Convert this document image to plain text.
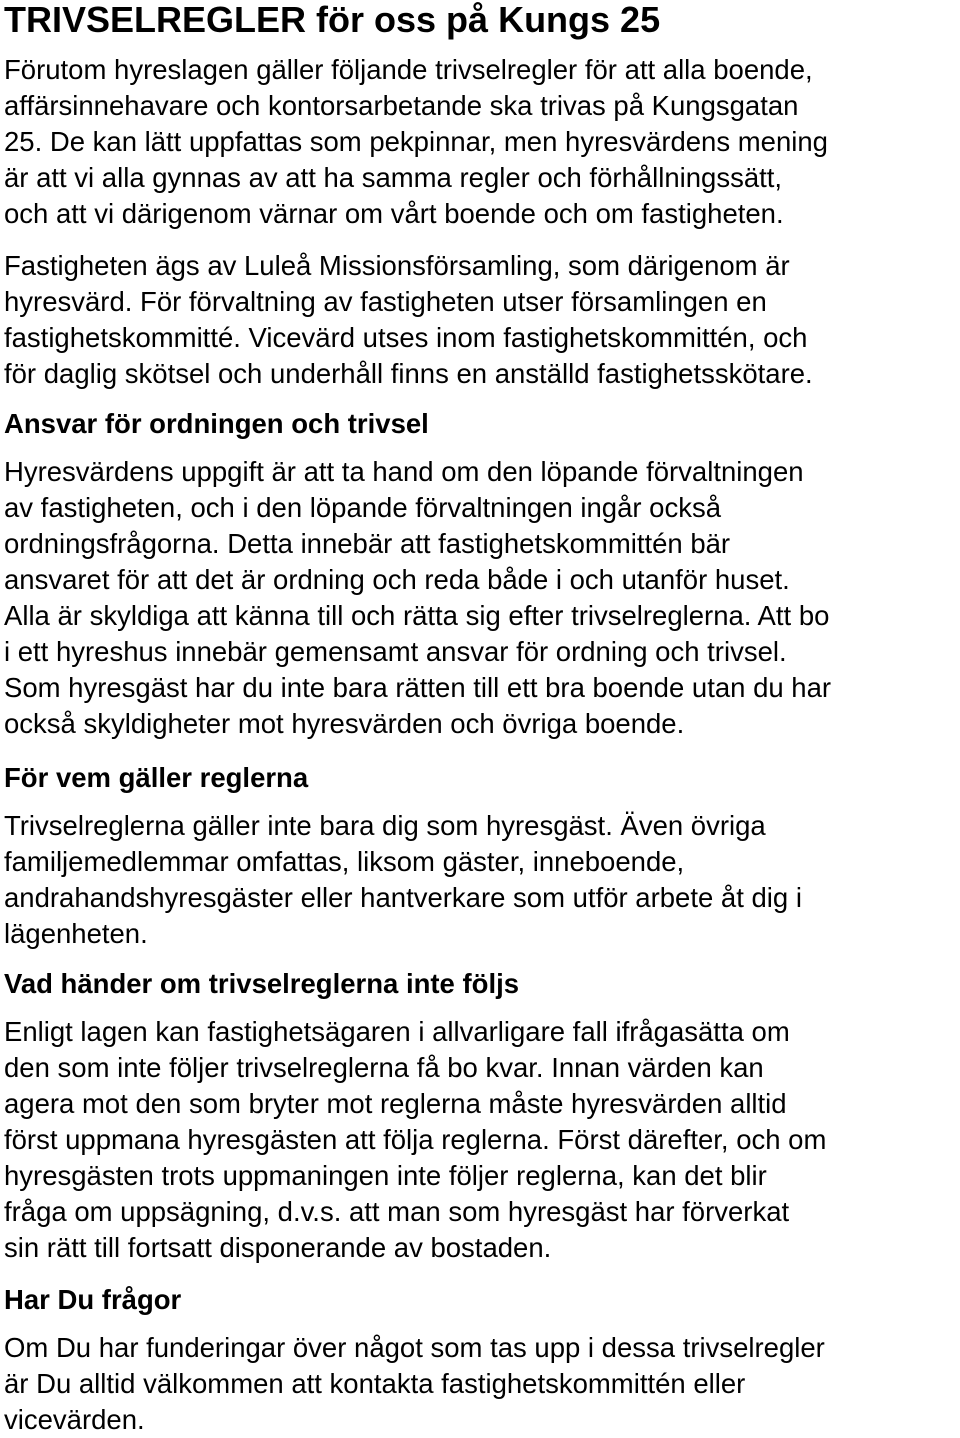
TRIVSELREGLER för oss på Kungs 25
Förutom hyreslagen gäller följande trivselregler för att alla boende,
affärsinnehavare och kontorsarbetande ska trivas på Kungsgatan
25. De kan lätt uppfattas som pekpinnar, men hyresvärdens mening
är att vi alla gynnas av att ha samma regler och förhållningssätt,
och att vi därigenom värnar om vårt boende och om fastigheten.
Fastigheten ägs av Luleå Missionsförsamling, som därigenom är
hyresvärd. För förvaltning av fastigheten utser församlingen en
fastighetskommitté. Vicevärd utses inom fastighetskommittén, och
för daglig skötsel och underhåll finns en anställd fastighetsskötare.
Ansvar för ordningen och trivsel
Hyresvärdens uppgift är att ta hand om den löpande förvaltningen
av fastigheten, och i den löpande förvaltningen ingår också
ordningsfrågorna. Detta innebär att fastighetskommittén bär
ansvaret för att det är ordning och reda både i och utanför huset.
Alla är skyldiga att känna till och rätta sig efter trivselreglerna. Att bo
i ett hyreshus innebär gemensamt ansvar för ordning och trivsel.
Som hyresgäst har du inte bara rätten till ett bra boende utan du har
också skyldigheter mot hyresvärden och övriga boende.
För vem gäller reglerna
Trivselreglerna gäller inte bara dig som hyresgäst. Även övriga
familjemedlemmar omfattas, liksom gäster, inneboende,
andrahandshyresgäster eller hantverkare som utför arbete åt dig i
lägenheten.
Vad händer om trivselreglerna inte följs
Enligt lagen kan fastighetsägaren i allvarligare fall ifrågasätta om
den som inte följer trivselreglerna få bo kvar. Innan värden kan
agera mot den som bryter mot reglerna måste hyresvärden alltid
först uppmana hyresgästen att följa reglerna. Först därefter, och om
hyresgästen trots uppmaningen inte följer reglerna, kan det blir
fråga om uppsägning, d.v.s. att man som hyresgäst har förverkat
sin rätt till fortsatt disponerande av bostaden.
Har Du frågor
Om Du har funderingar över något som tas upp i dessa trivselregler
är Du alltid välkommen att kontakta fastighetskommittén eller
vicevärden.
